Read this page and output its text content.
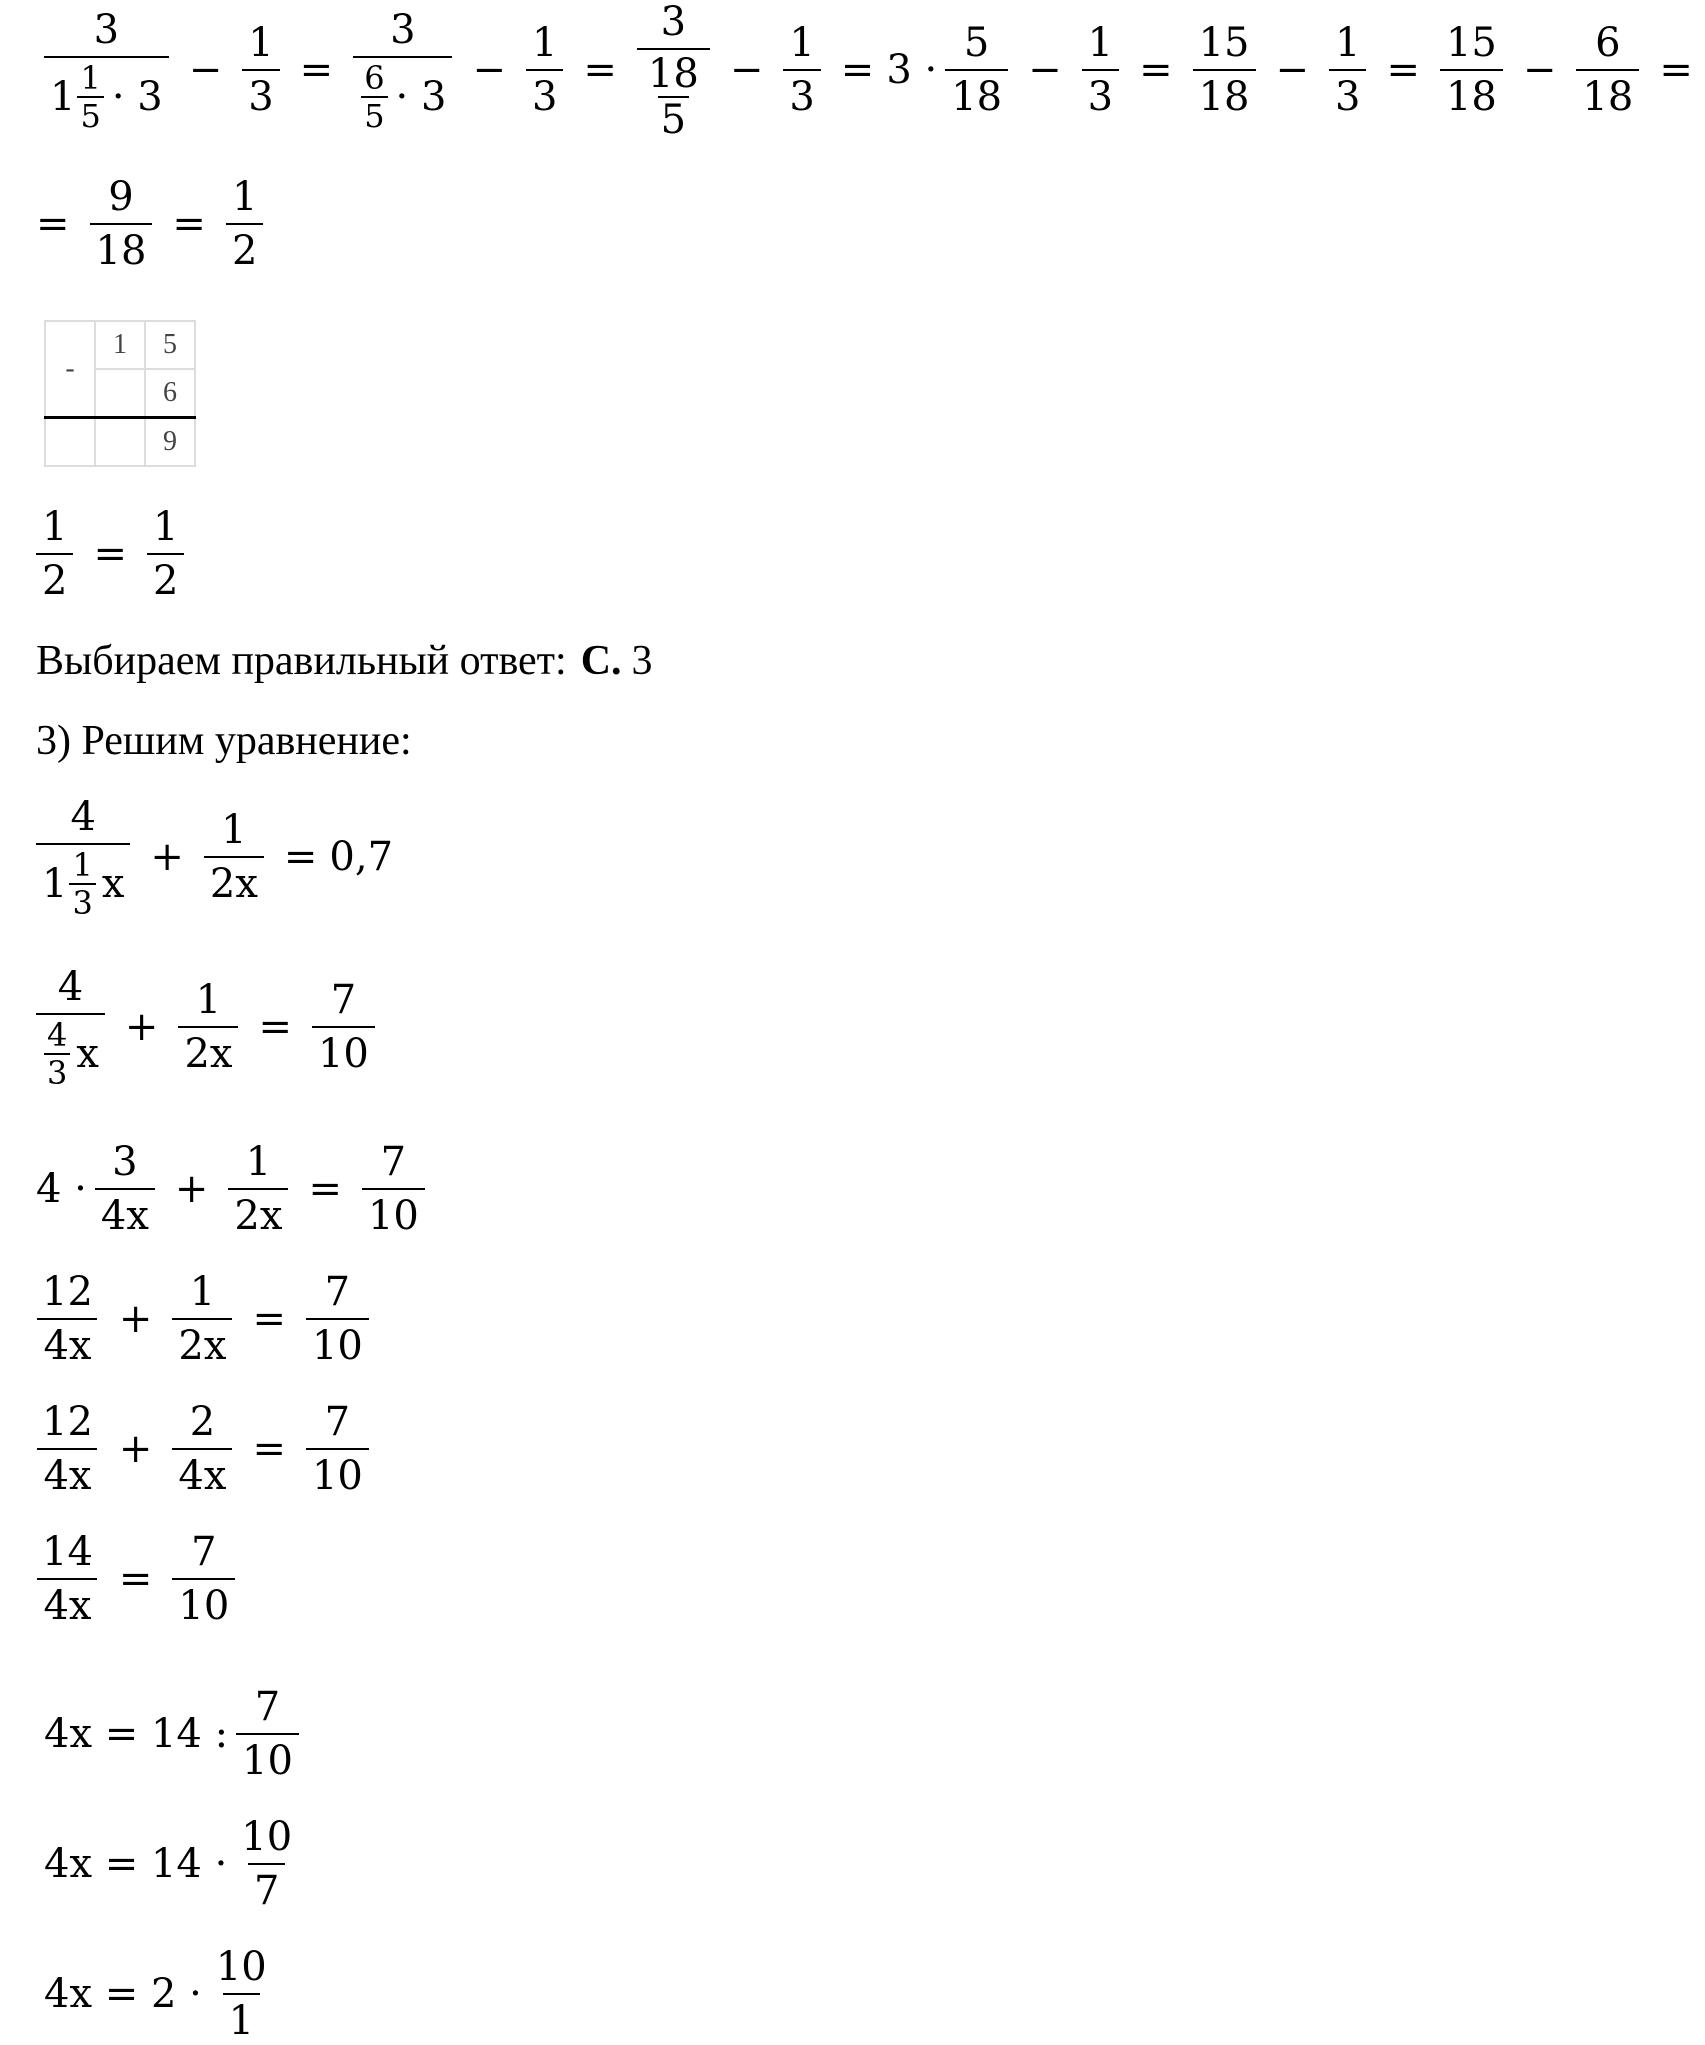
$\frac{3}{1 \frac{1}{5} \cdot 3} - \frac{1}{3} = \frac{3}{\frac{6}{5} \cdot 3} - \frac{1}{3} = \frac{3}{\frac{18}{5}} - \frac{1}{3} = 3 \cdot \frac{5}{18} - \frac{1}{3} = \frac{15}{18} - \frac{1}{3} = \frac{15}{18} - \frac{6}{18}$ =
= $\frac{9}{18} = \frac{1}{2}$
-	1	5
		6
		9
$\frac{1}{2} = \frac{1}{2}$
Выбираем правильный ответ: C. 3
3) Решим уравнение:
$\frac{4}{1 \frac{1}{3} x} + \frac{1}{2x} = 0,7$
$\frac{4}{\frac{4}{3} x} + \frac{1}{2x} = \frac{7}{10}$
$4 \cdot \frac{3}{4x} + \frac{1}{2x} = \frac{7}{10}$
$\frac{12}{4x} + \frac{1}{2x} = \frac{7}{10}$
$\frac{12}{4x} + \frac{2}{4x} = \frac{7}{10}$
$\frac{14}{4x} = \frac{7}{10}$
4x = 14 : $\frac{7}{10}$
$4x = 14 \cdot \frac{10}{7}$
$4x = 2 \cdot \frac{10}{1}$
